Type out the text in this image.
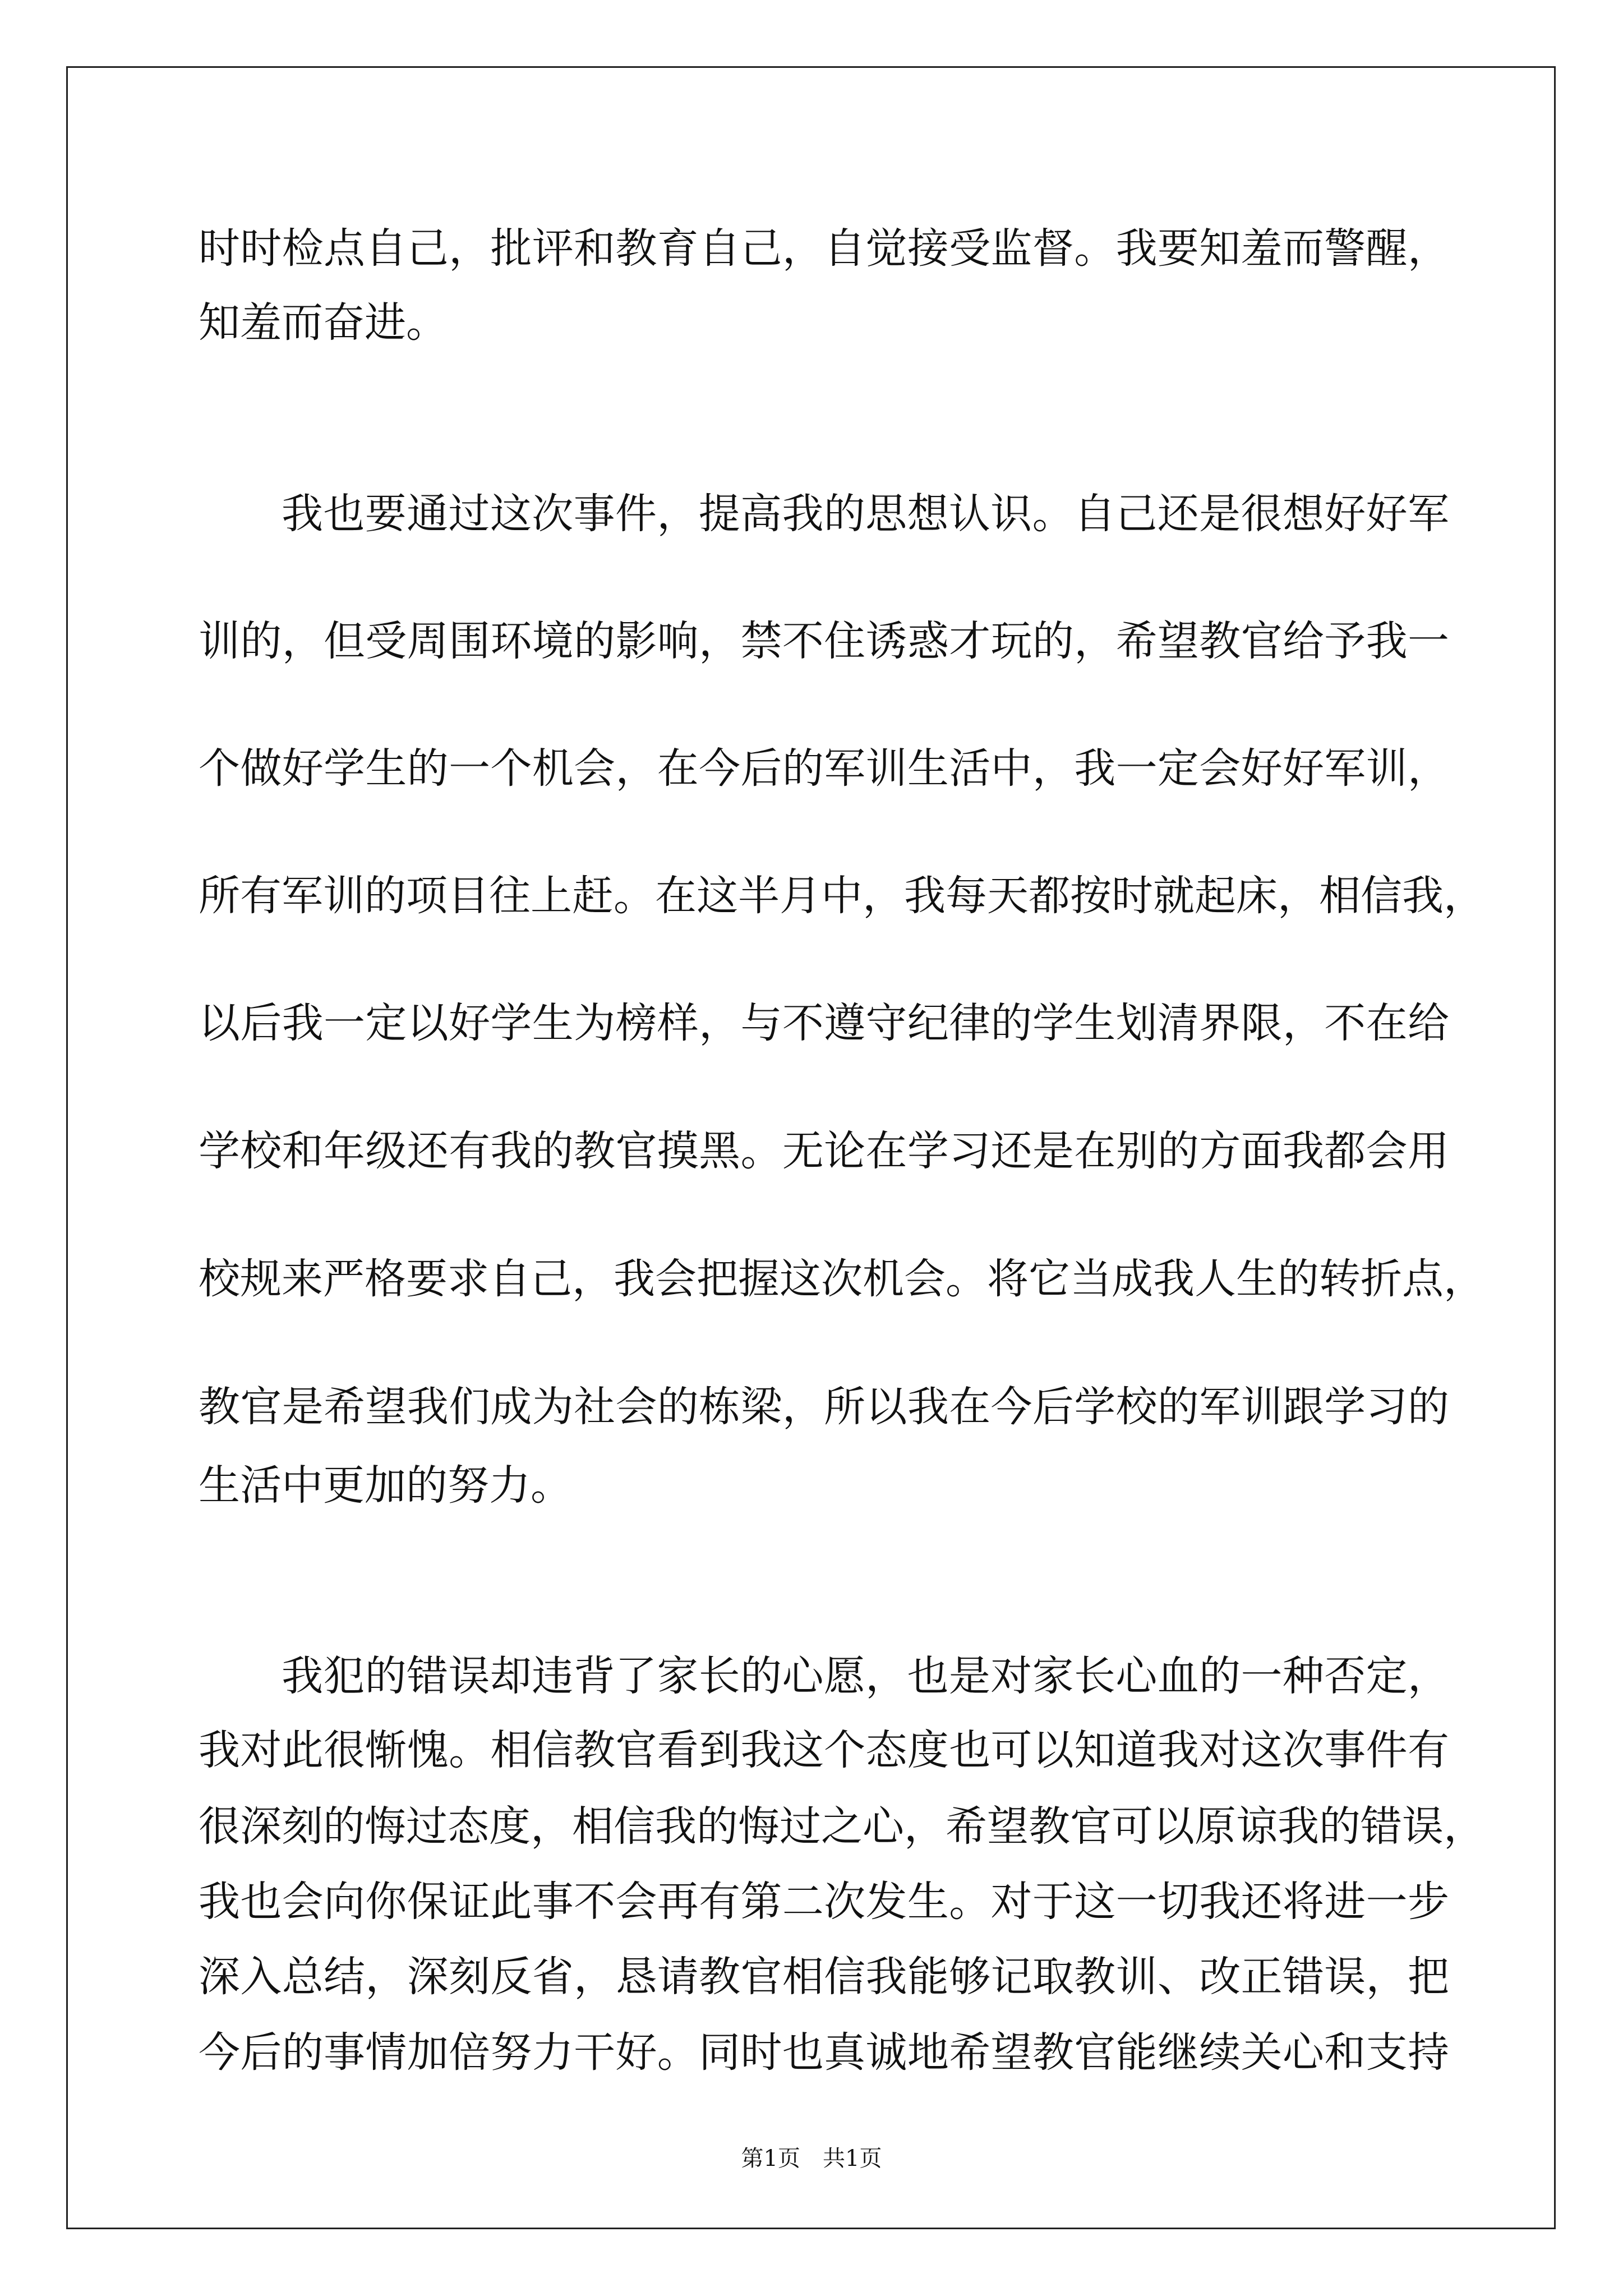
时时检点自己，批评和教育自己，自觉接受监督。我要知羞而警醒，
知羞而奋进。
我也要通过这次事件，提高我的思想认识。自己还是很想好好军
训的，但受周围环境的影响，禁不住诱惑才玩的，希望教官给予我一
个做好学生的一个机会，在今后的军训生活中，我一定会好好军训，
所有军训的项目往上赶。在这半月中，我每天都按时就起床，相信我，
以后我一定以好学生为榜样，与不遵守纪律的学生划清界限，不在给
学校和年级还有我的教官摸黑。无论在学习还是在别的方面我都会用
校规来严格要求自己，我会把握这次机会。将它当成我人生的转折点，
教官是希望我们成为社会的栋梁，所以我在今后学校的军训跟学习的
生活中更加的努力。
我犯的错误却违背了家长的心愿，也是对家长心血的一种否定，
我对此很惭愧。相信教官看到我这个态度也可以知道我对这次事件有
很深刻的悔过态度，相信我的悔过之心，希望教官可以原谅我的错误，
我也会向你保证此事不会再有第二次发生。对于这一切我还将进一步
深入总结，深刻反省，恳请教官相信我能够记取教训、改正错误，把
今后的事情加倍努力干好。同时也真诚地希望教官能继续关心和支持
第1页 共1页
